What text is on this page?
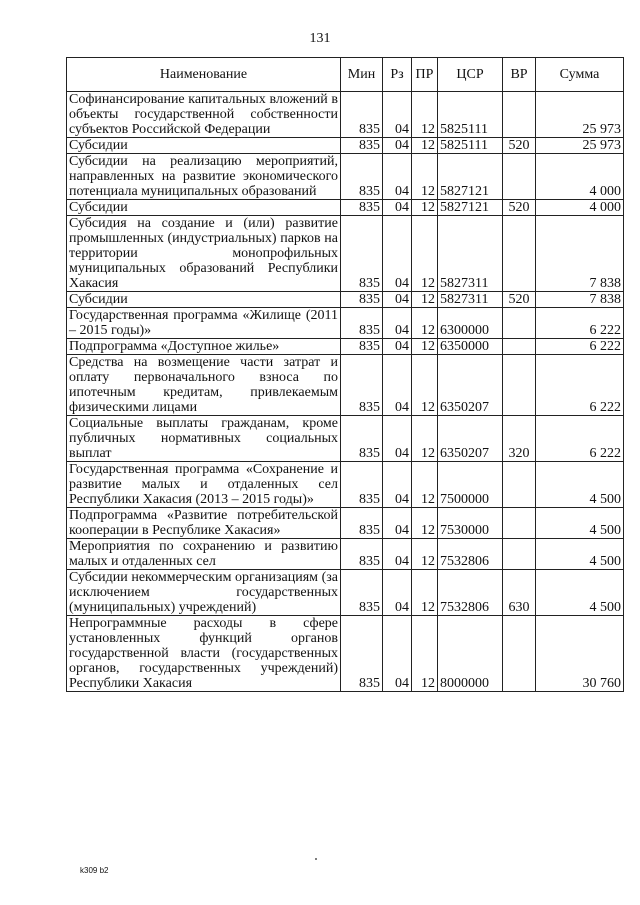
131
Наименование	Мин	Рз	ПР	ЦСР	ВР	Сумма
Софинансирование капитальных вложений в объекты государственной собственности субъектов Российской Федерации	835	04	12	5825111		25 973
Субсидии	835	04	12	5825111	520	25 973
Субсидии на реализацию мероприятий, направленных на развитие экономического потенциала муниципальных образований	835	04	12	5827121		4 000
Субсидии	835	04	12	5827121	520	4 000
Субсидия на создание и (или) развитие промышленных (индустриальных) парков на территории монопрофильных муниципальных образований Республики Хакасия	835	04	12	5827311		7 838
Субсидии	835	04	12	5827311	520	7 838
Государственная программа «Жилище (2011 – 2015 годы)»	835	04	12	6300000		6 222
Подпрограмма «Доступное жилье»	835	04	12	6350000		6 222
Средства на возмещение части затрат и оплату первоначального взноса по ипотечным кредитам, привлекаемым физическими лицами	835	04	12	6350207		6 222
Социальные выплаты гражданам, кроме публичных нормативных социальных выплат	835	04	12	6350207	320	6 222
Государственная программа «Сохранение и развитие малых и отдаленных сел Республики Хакасия (2013 – 2015 годы)»	835	04	12	7500000		4 500
Подпрограмма «Развитие потребительской кооперации в Республике Хакасия»	835	04	12	7530000		4 500
Мероприятия по сохранению и развитию малых и отдаленных сел	835	04	12	7532806		4 500
Субсидии некоммерческим организациям (за исключением государственных (муниципальных) учреждений)	835	04	12	7532806	630	4 500
Непрограммные расходы в сфере установленных функций органов государственной власти (государственных органов, государственных учреждений) Республики Хакасия	835	04	12	8000000		30 760
k309 b2
